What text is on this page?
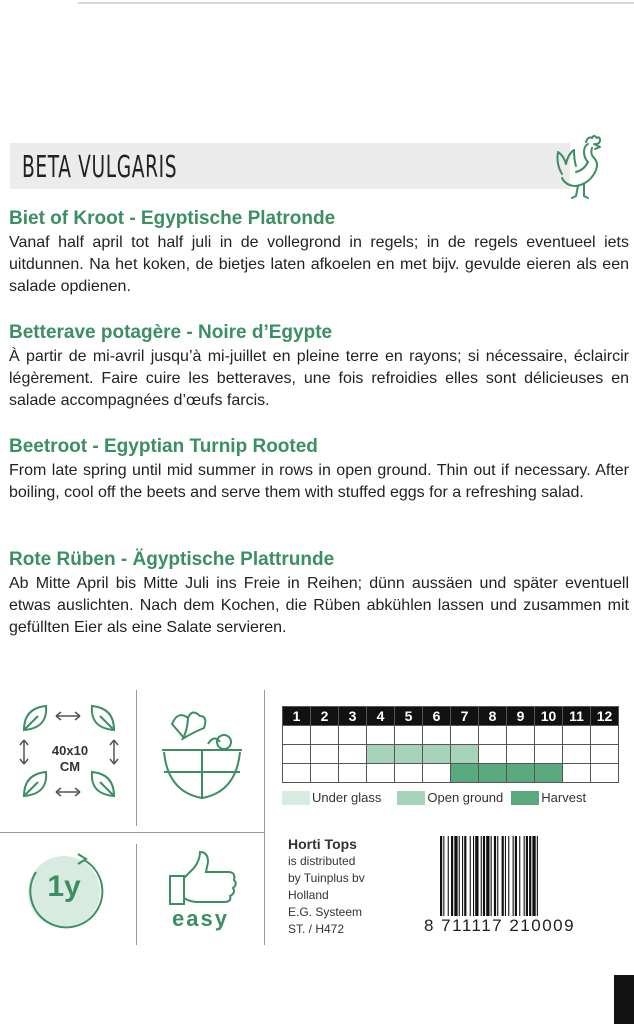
BETA VULGARIS

Biet of Kroot - Egyptische Platronde

Vanaf half april tot half juli in de vollegrond in regels; in de regels eventueel iets uitdunnen. Na het koken, de bietjes laten afkoelen en met bijv. gevulde eieren als een salade opdienen.

Betterave potagère - Noire d’Egypte

À partir de mi-avril jusqu’à mi-juillet en pleine terre en rayons; si nécessaire, éclaircir légèrement. Faire cuire les betteraves, une fois refroidies elles sont délicieuses en salade accompagnées d’œufs farcis.

Beetroot - Egyptian Turnip Rooted

From late spring until mid summer in rows in open ground. Thin out if necessary. After boiling, cool off the beets and serve them with stuffed eggs for a refreshing salad.

Rote Rüben - Ägyptische Plattrunde

Ab Mitte April bis Mitte Juli ins Freie in Reihen; dünn aussäen und später eventuell etwas auslichten. Nach dem Kochen, die Rüben abkühlen lassen und zusammen mit gefüllten Eier als eine Salate servieren.

40x10
CM
1y
easy
1	2	3	4	5	6	7	8	9	10	11	12

Under glass	Open ground	Harvest
Horti Tops
is distributed
by Tuinplus bv
Holland
E.G. Systeem
ST. / H472	8 711117 210009
